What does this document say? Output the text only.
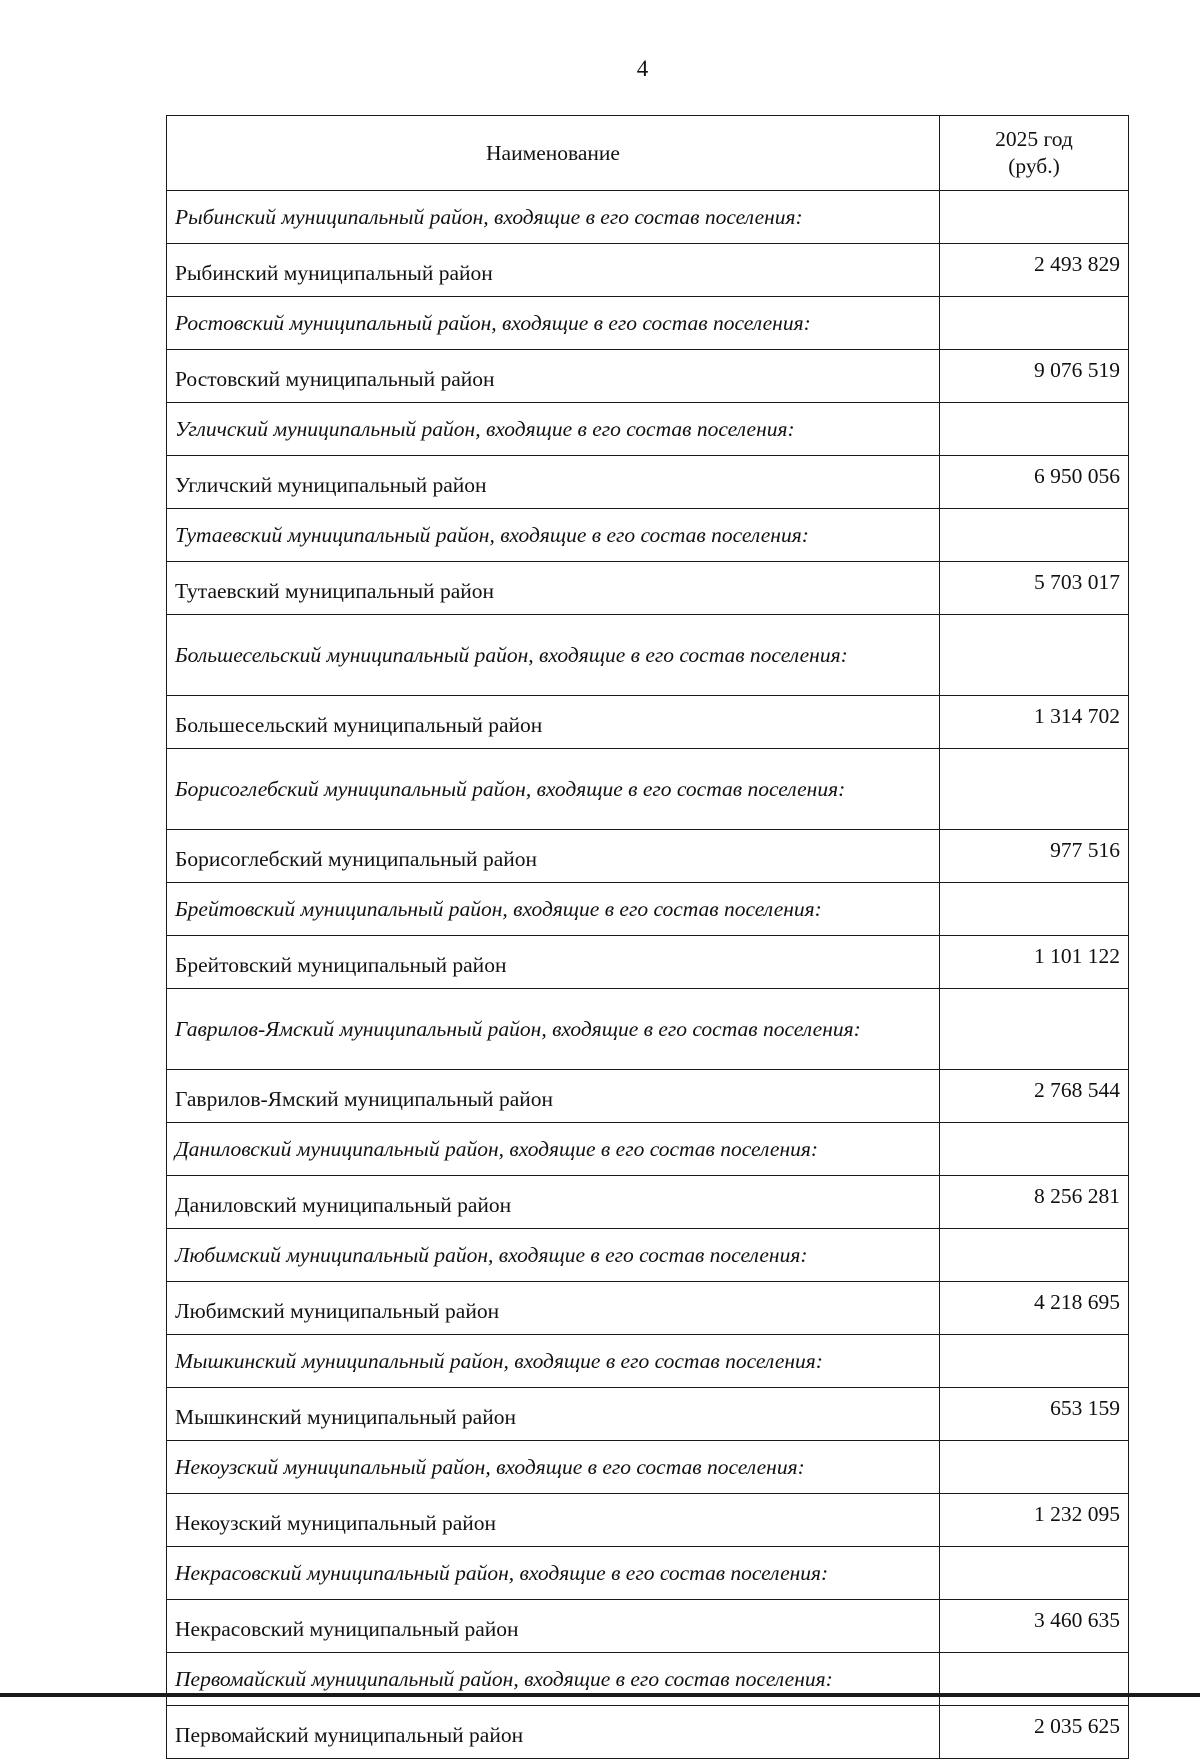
4
Наименование	2025 год
(руб.)

Рыбинский муниципальный район, входящие в его состав поселения:	
Рыбинский муниципальный район	2 493 829
Ростовский муниципальный район, входящие в его состав поселения:	
Ростовский муниципальный район	9 076 519
Угличский муниципальный район, входящие в его состав поселения:	
Угличский муниципальный район	6 950 056
Тутаевский муниципальный район, входящие в его состав поселения:	
Тутаевский муниципальный район	5 703 017
Большесельский муниципальный район, входящие в его состав поселения:	
Большесельский муниципальный район	1 314 702
Борисоглебский муниципальный район, входящие в его состав поселения:	
Борисоглебский муниципальный район	977 516
Брейтовский муниципальный район, входящие в его состав поселения:	
Брейтовский муниципальный район	1 101 122
Гаврилов-Ямский муниципальный район, входящие в его состав поселения:	
Гаврилов-Ямский муниципальный район	2 768 544
Даниловский муниципальный район, входящие в его состав поселения:	
Даниловский муниципальный район	8 256 281
Любимский муниципальный район, входящие в его состав поселения:	
Любимский муниципальный район	4 218 695
Мышкинский муниципальный район, входящие в его состав поселения:	
Мышкинский муниципальный район	653 159
Некоузский муниципальный район, входящие в его состав поселения:	
Некоузский муниципальный район	1 232 095
Некрасовский муниципальный район, входящие в его состав поселения:	
Некрасовский муниципальный район	3 460 635
Первомайский муниципальный район, входящие в его состав поселения:	
Первомайский муниципальный район	2 035 625
